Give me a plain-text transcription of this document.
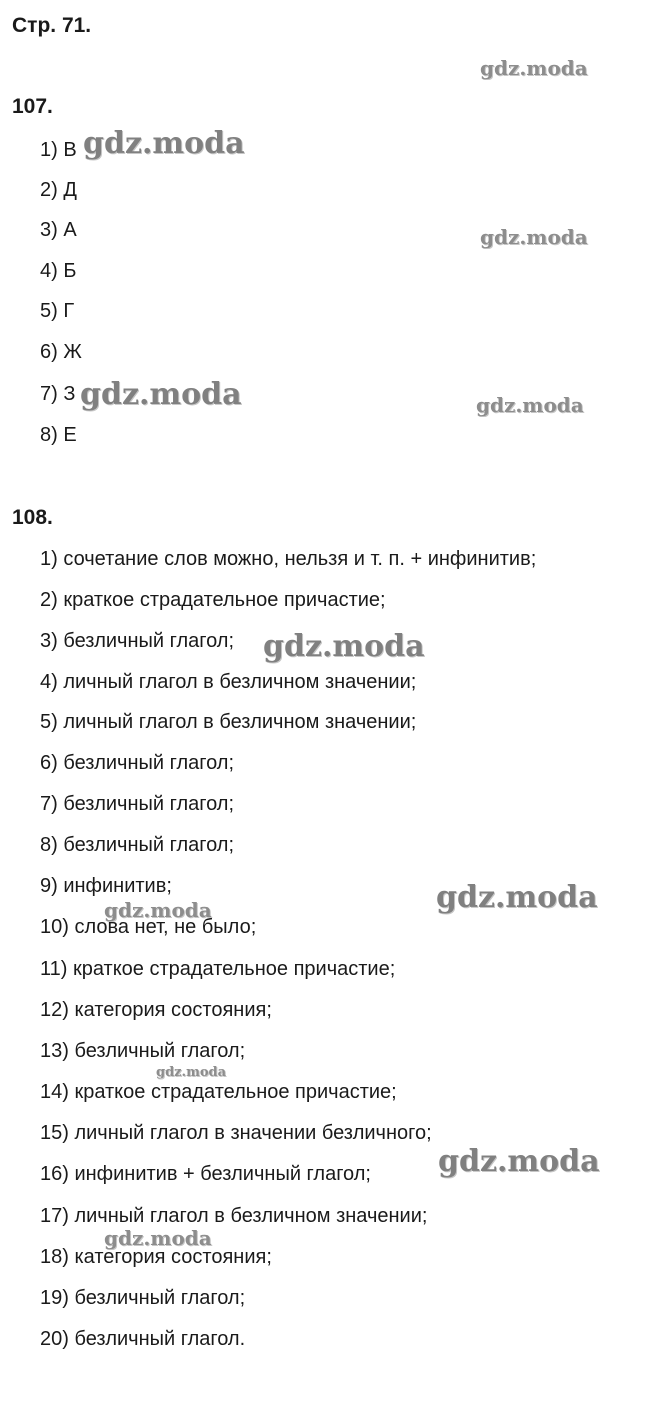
Стр. 71.

107.

1) В

2) Д

3) А

4) Б

5) Г

6) Ж

7) З

8) Е

108.

1) сочетание слов можно, нельзя и т. п. + инфинитив;

2) краткое страдательное причастие;

3) безличный глагол;

4) личный глагол в безличном значении;

5) личный глагол в безличном значении;

6) безличный глагол;

7) безличный глагол;

8) безличный глагол;

9) инфинитив;

10) слова нет, не было;

11) краткое страдательное причастие;

12) категория состояния;

13) безличный глагол;

14) краткое страдательное причастие;

15) личный глагол в значении безличного;

16) инфинитив + безличный глагол;

17) личный глагол в безличном значении;

18) категория состояния;

19) безличный глагол;

20) безличный глагол.

gdz.moda
gdz.moda
gdz.moda
gdz.moda	gdz.moda
gdz.moda
gdz.moda
gdz.moda
gdz.moda
gdz.moda
gdz.moda
